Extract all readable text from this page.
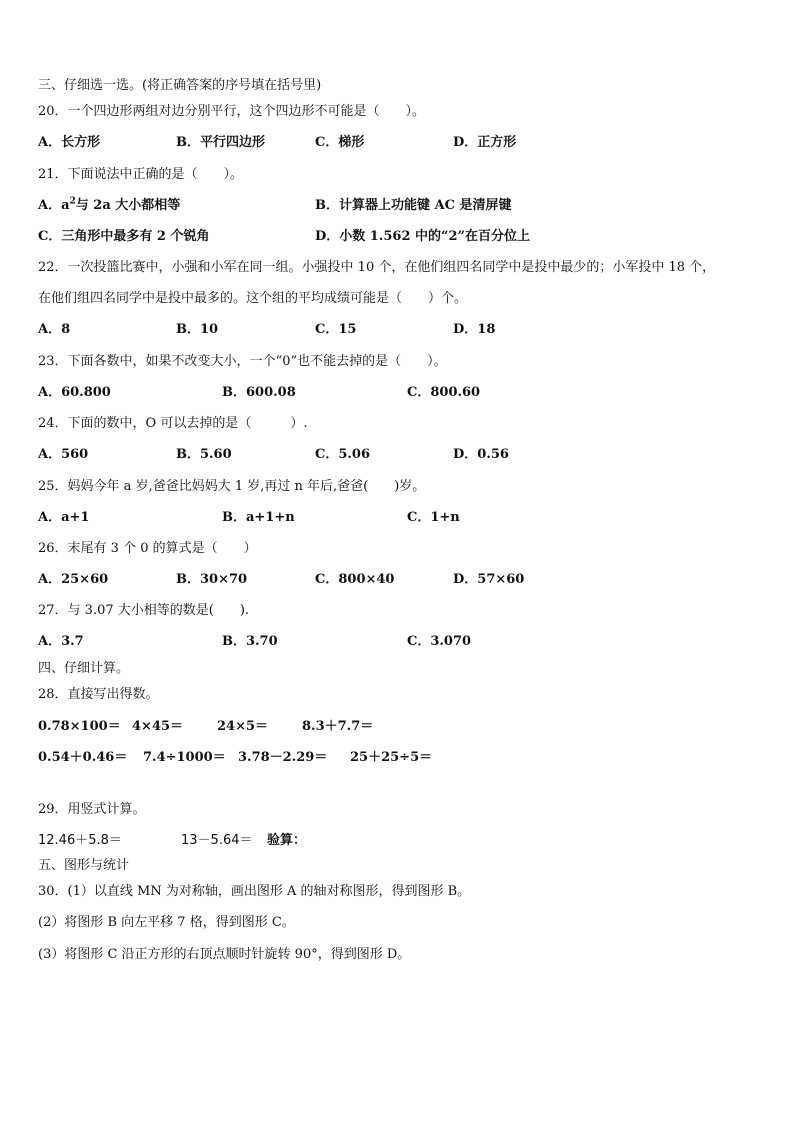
三、仔细选一选。(将正确答案的序号填在括号里)
20．一个四边形两组对边分别平行，这个四边形不可能是（　　）。
A．长方形	B．平行四边形	C．梯形	D．正方形
21．下面说法中正确的是（　　）。
A．$a^2$与 2a 大小都相等	B．计算器上功能键 AC 是清屏键
C．三角形中最多有 2 个锐角	D．小数 1.562 中的“2”在百分位上
22．一次投篮比赛中，小强和小军在同一组。小强投中 10 个，在他们组四名同学中是投中最少的；小军投中 18 个，
在他们组四名同学中是投中最多的。这个组的平均成绩可能是（　　）个。
A．8	B．10	C．15	D．18
23．下面各数中，如果不改变大小，一个“0”也不能去掉的是（　　）。
A．60.800	B．600.08	C．800.60
24．下面的数中，O 可以去掉的是（　　　）.
A．560	B．5.60	C．5.06	D．0.56
25．妈妈今年 a 岁,爸爸比妈妈大 1 岁,再过 n 年后,爸爸(　　)岁。
A．a+1	B．a+1+n	C．1+n
26．末尾有 3 个 0 的算式是（　　）
A．25×60	B．30×70	C．800×40	D．57×60
27．与 3.07 大小相等的数是(　　).
A．3.7	B．3.70	C．3.070
四、仔细计算。
28．直接写出得数。
0.78×100＝ 4×45＝	24×5＝	8.3＋7.7＝
0.54＋0.46＝ 7.4÷1000＝ 3.78－2.29＝ 25＋25÷5＝
29．用竖式计算。
12.46＋5.8＝	13－5.64＝ 验算：
五、图形与统计
30．(1）以直线 MN 为对称轴，画出图形 A 的轴对称图形，得到图形 B。
(2）将图形 B 向左平移 7 格，得到图形 C。
(3）将图形 C 沿正方形的右顶点顺时针旋转 90°，得到图形 D。
